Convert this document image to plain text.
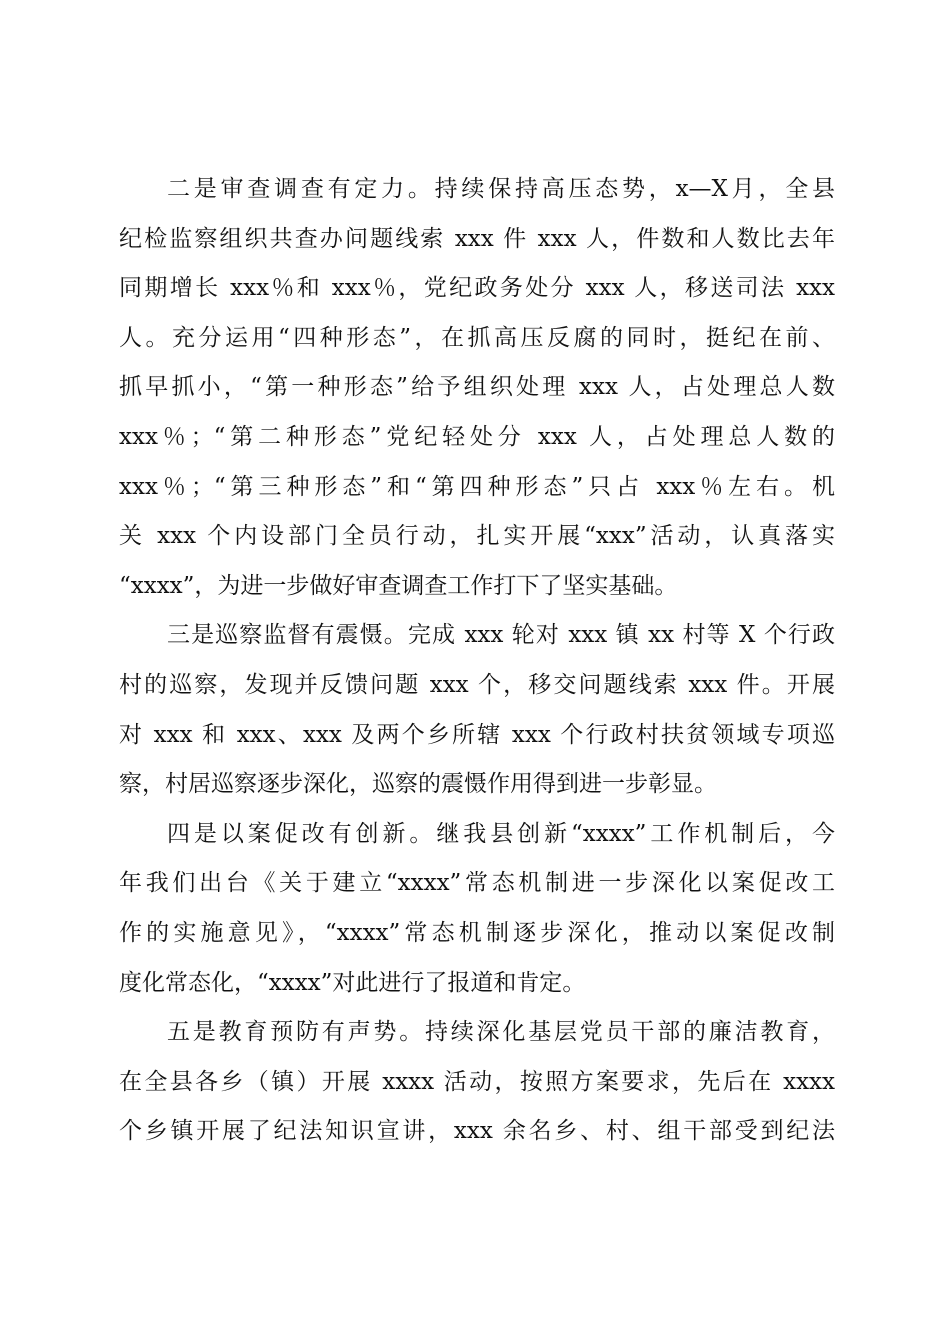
二是审查调查有定力。持续保持高压态势，x—X月，全县
纪检监察组织共查办问题线索 xxx 件 xxx 人，件数和人数比去年
同期增长 xxx％和 xxx％，党纪政务处分 xxx 人，移送司法 xxx
人。充分运用“四种形态”，在抓高压反腐的同时，挺纪在前、
抓早抓小，“第一种形态”给予组织处理 xxx 人，占处理总人数
xxx％；“第二种形态”党纪轻处分 xxx 人，占处理总人数的
xxx％；“第三种形态”和“第四种形态”只占 xxx％左右。机
关 xxx 个内设部门全员行动，扎实开展“xxx”活动，认真落实
“xxxx”，为进一步做好审查调查工作打下了坚实基础。
三是巡察监督有震慑。完成 xxx 轮对 xxx 镇 xx 村等 X 个行政
村的巡察，发现并反馈问题 xxx 个，移交问题线索 xxx 件。开展
对 xxx 和 xxx、xxx 及两个乡所辖 xxx 个行政村扶贫领域专项巡
察，村居巡察逐步深化，巡察的震慑作用得到进一步彰显。
四是以案促改有创新。继我县创新“xxxx”工作机制后，今
年我们出台《关于建立“xxxx”常态机制进一步深化以案促改工
作的实施意见》，“xxxx”常态机制逐步深化，推动以案促改制
度化常态化，“xxxx”对此进行了报道和肯定。
五是教育预防有声势。持续深化基层党员干部的廉洁教育，
在全县各乡（镇）开展 xxxx 活动，按照方案要求，先后在 xxxx
个乡镇开展了纪法知识宣讲，xxx 余名乡、村、组干部受到纪法
